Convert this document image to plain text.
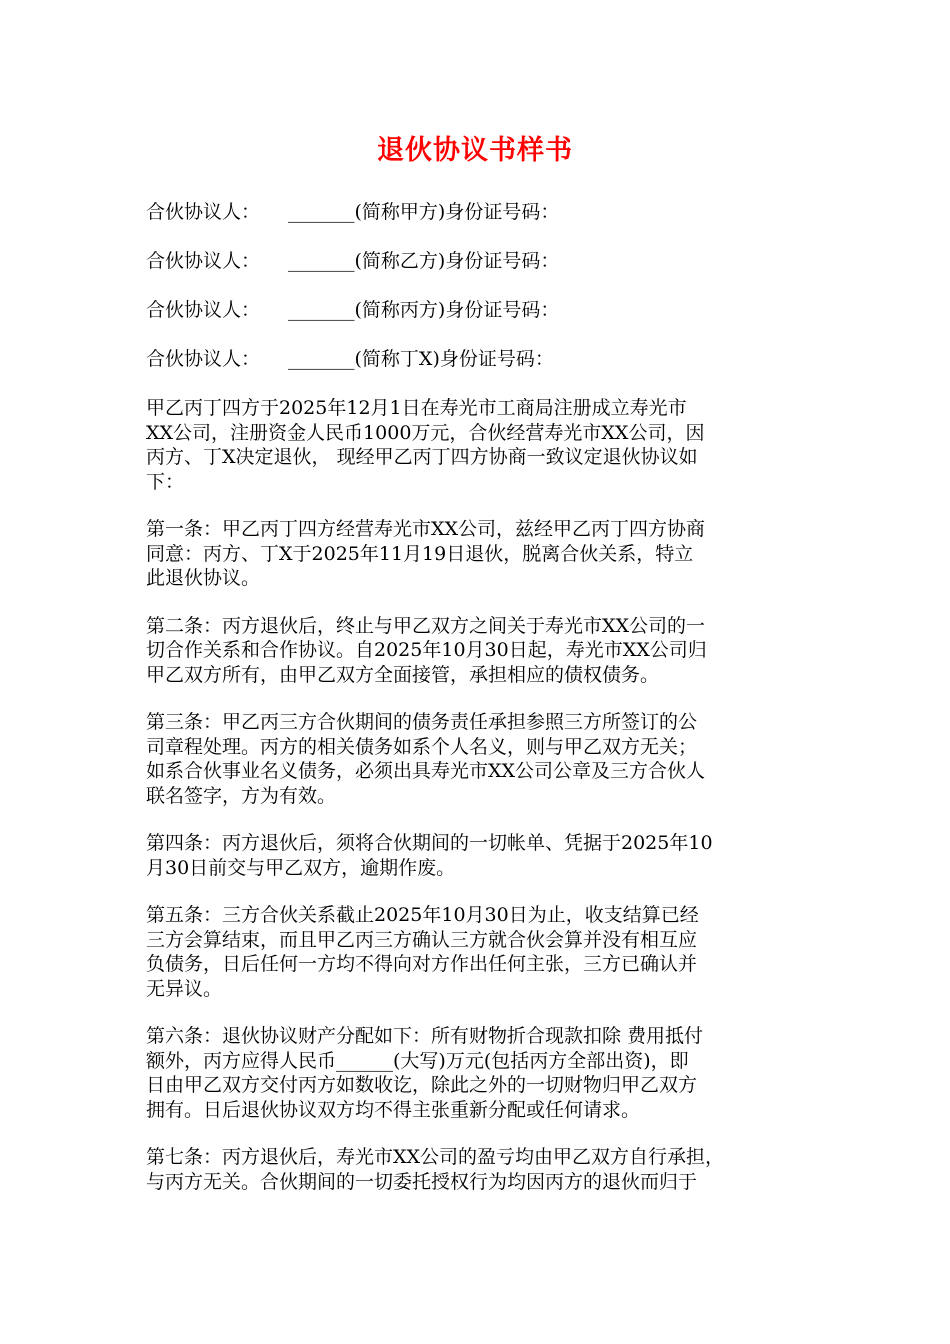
退伙协议书样书
合伙协议人： _______(简称甲方)身份证号码：
合伙协议人： _______(简称乙方)身份证号码：
合伙协议人： _______(简称丙方)身份证号码：
合伙协议人： _______(简称丁X)身份证号码：
甲乙丙丁四方于2025年12月1日在寿光市工商局注册成立寿光市
XX公司，注册资金人民币1000万元，合伙经营寿光市XX公司，因
丙方、丁X决定退伙， 现经甲乙丙丁四方协商一致议定退伙协议如
下：
第一条：甲乙丙丁四方经营寿光市XX公司，兹经甲乙丙丁四方协商
同意：丙方、丁X于2025年11月19日退伙，脱离合伙关系，特立
此退伙协议。
第二条：丙方退伙后，终止与甲乙双方之间关于寿光市XX公司的一
切合作关系和合作协议。自2025年10月30日起，寿光市XX公司归
甲乙双方所有，由甲乙双方全面接管，承担相应的债权债务。
第三条：甲乙丙三方合伙期间的债务责任承担参照三方所签订的公
司章程处理。丙方的相关债务如系个人名义，则与甲乙双方无关；
如系合伙事业名义债务，必须出具寿光市XX公司公章及三方合伙人
联名签字，方为有效。
第四条：丙方退伙后，须将合伙期间的一切帐单、凭据于2025年10
月30日前交与甲乙双方，逾期作废。
第五条：三方合伙关系截止2025年10月30日为止，收支结算已经
三方会算结束，而且甲乙丙三方确认三方就合伙会算并没有相互应
负债务，日后任何一方均不得向对方作出任何主张，三方已确认并
无异议。
第六条：退伙协议财产分配如下：所有财物折合现款扣除 费用抵付
额外，丙方应得人民币______(大写)万元(包括丙方全部出资)，即
日由甲乙双方交付丙方如数收讫，除此之外的一切财物归甲乙双方
拥有。日后退伙协议双方均不得主张重新分配或任何请求。
第七条：丙方退伙后，寿光市XX公司的盈亏均由甲乙双方自行承担，
与丙方无关。合伙期间的一切委托授权行为均因丙方的退伙而归于
